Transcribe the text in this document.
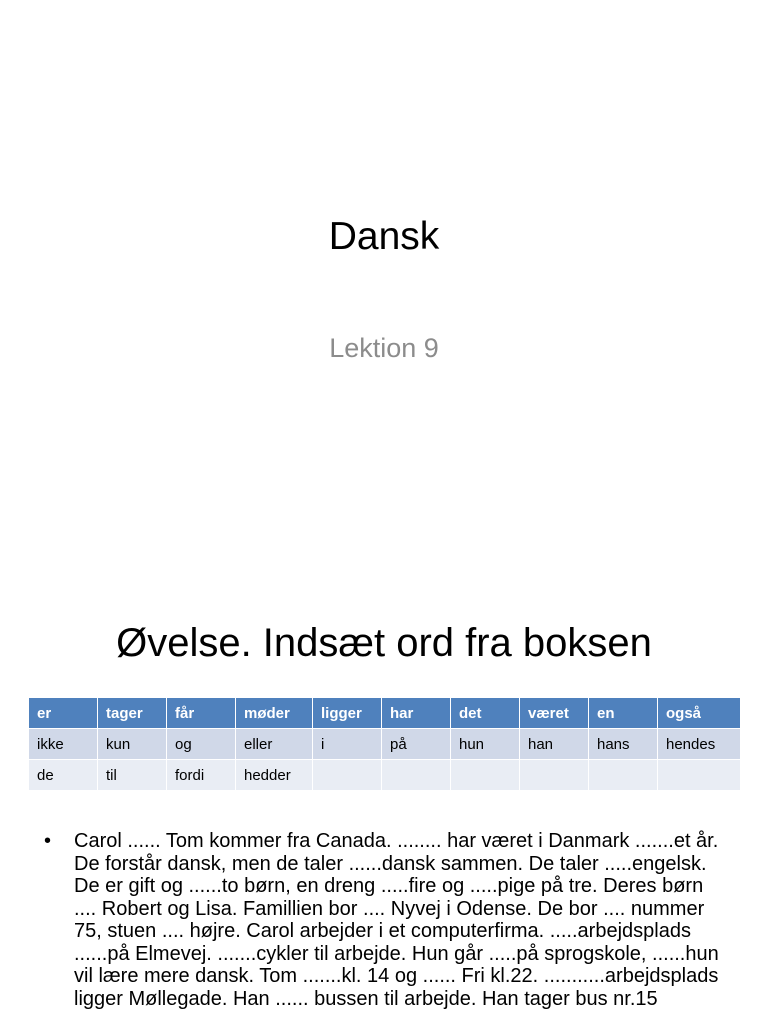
Dansk
Lektion 9
Øvelse. Indsæt ord fra boksen
er	tager	får	møder	ligger	har	det	været	en	også
ikke	kun	og	eller	i	på	hun	han	hans	hendes
de	til	fordi	hedder						
• Carol ...... Tom kommer fra Canada. ........ har været i Danmark .......et år. De forstår dansk, men de taler ......dansk sammen. De taler .....engelsk. De er gift og ......to børn, en dreng .....fire og .....pige på tre. Deres børn .... Robert og Lisa. Famillien bor .... Nyvej i Odense. De bor .... nummer 75, stuen .... højre. Carol arbejder i et computerfirma. .....arbejdsplads ......på Elmevej. .......cykler til arbejde. Hun går .....på sprogskole, ......hun vil lære mere dansk. Tom .......kl. 14 og ...... Fri kl.22. ...........arbejdsplads ligger Møllegade. Han ...... bussen til arbejde. Han tager bus nr.15
